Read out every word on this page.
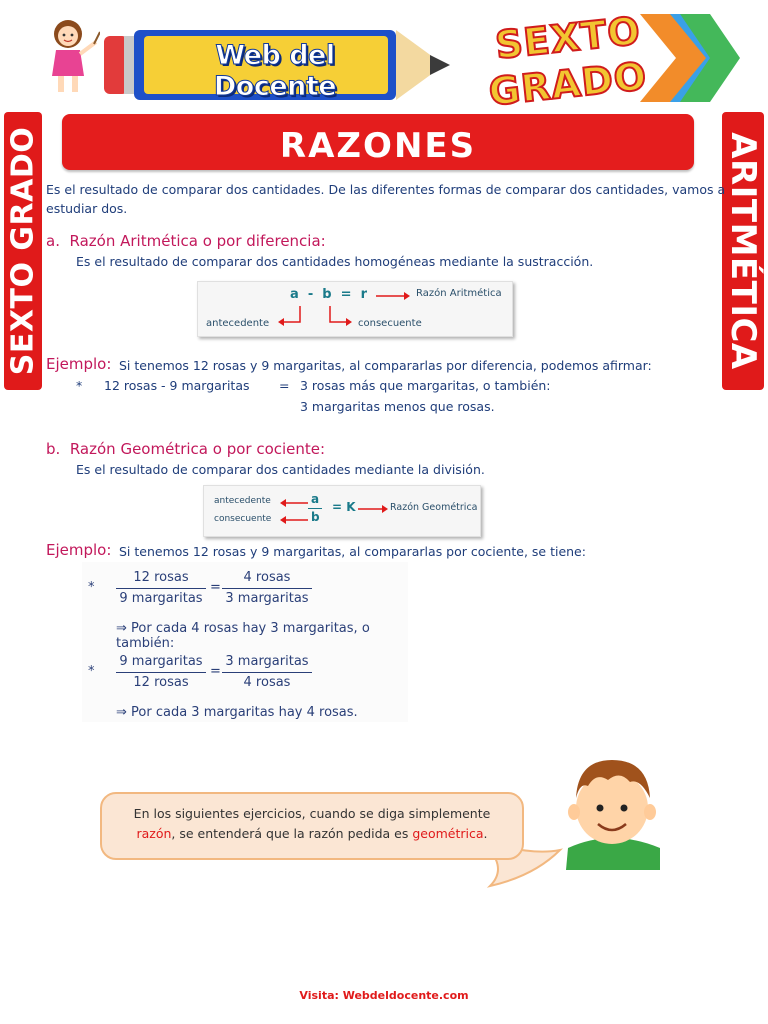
Web del Docente
SEXTO
GRADO
SEXTO GRADO	ARITMÉTICA
RAZONES
Es el resultado de comparar dos cantidades. De las diferentes formas de comparar dos cantidades, vamos a estudiar dos.
a. Razón Aritmética o por diferencia:
Es el resultado de comparar dos cantidades homogéneas mediante la sustracción.
a  -  b  =  r	Razón Aritmética
antecedente	consecuente
Ejemplo: Si tenemos 12 rosas y 9 margaritas, al compararlas por diferencia, podemos afirmar:
* 12 rosas - 9 margaritas = 3 rosas más que margaritas, o también:
3 margaritas menos que rosas.
b. Razón Geométrica o por cociente:
Es el resultado de comparar dos cantidades mediante la división.
antecedente
consecuente
a
b
= K	Razón Geométrica
Ejemplo: Si tenemos 12 rosas y 9 margaritas, al compararlas por cociente, se tiene:
*
12 rosas
9 margaritas
=
4 rosas
3 margaritas
⇒ Por cada 4 rosas hay 3 margaritas, o también:
*
9 margaritas
12 rosas
=
3 margaritas
4 rosas
⇒ Por cada 3 margaritas hay 4 rosas.
En los siguientes ejercicios, cuando se diga simplemente
razón, se entenderá que la razón pedida es geométrica.
Visita: Webdeldocente.com
